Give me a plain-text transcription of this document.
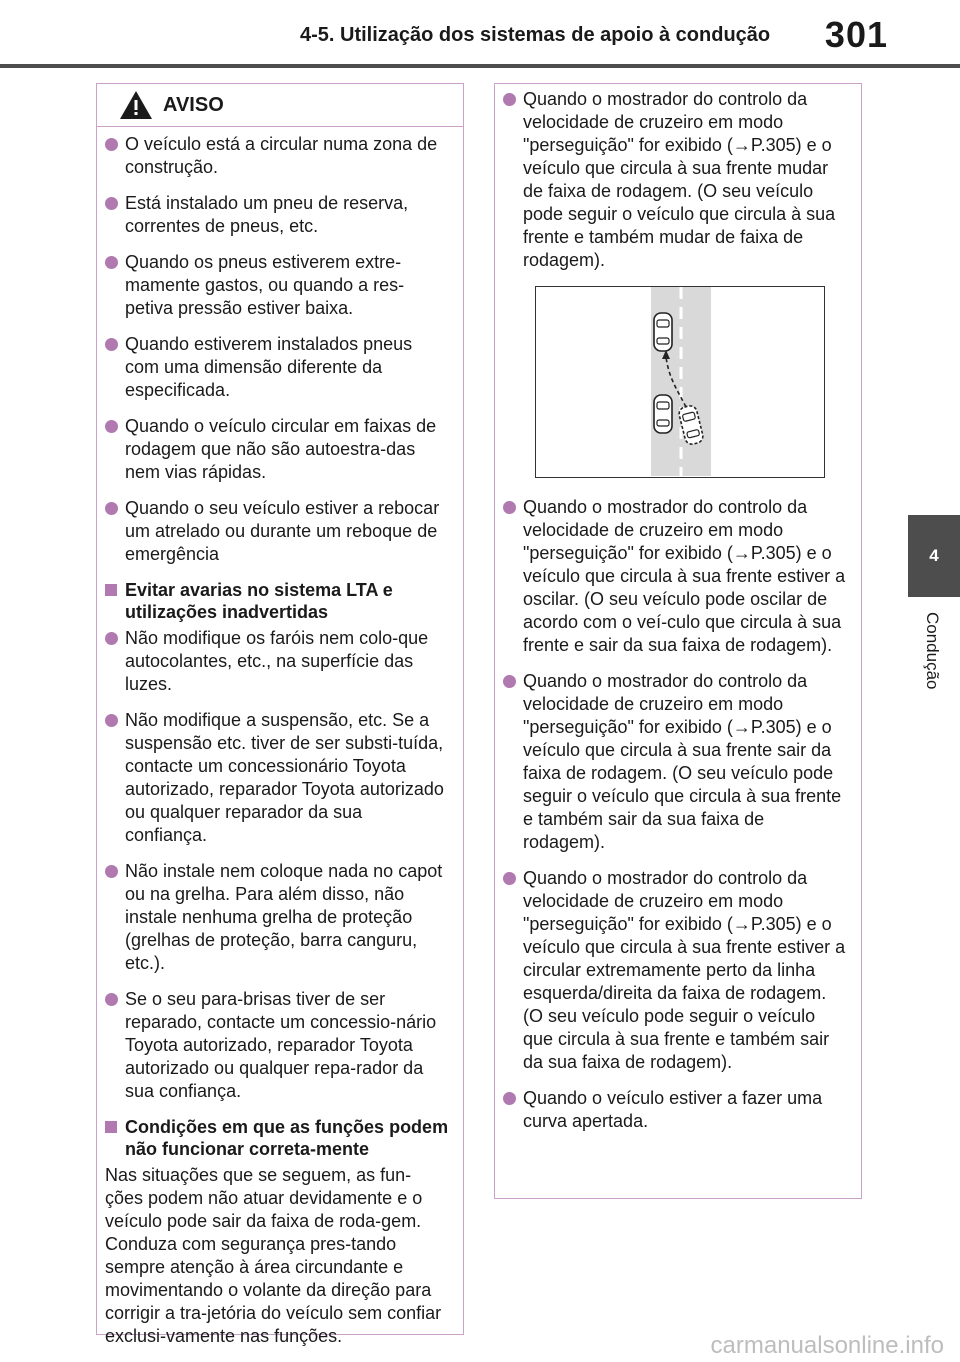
4-5. Utilização dos sistemas de apoio à condução 301
4
Condução
AVISO
O veículo está a circular numa zona de construção.
Está instalado um pneu de reserva, correntes de pneus, etc.
Quando os pneus estiverem extre-mamente gastos, ou quando a res-petiva pressão estiver baixa.
Quando estiverem instalados pneus com uma dimensão diferente da especificada.
Quando o veículo circular em faixas de rodagem que não são autoestra-das nem vias rápidas.
Quando o seu veículo estiver a rebocar um atrelado ou durante um reboque de emergência
Evitar avarias no sistema LTA e utilizações inadvertidas
Não modifique os faróis nem colo-que autocolantes, etc., na superfície das luzes.
Não modifique a suspensão, etc. Se a suspensão etc. tiver de ser substi-tuída, contacte um concessionário Toyota autorizado, reparador Toyota autorizado ou qualquer reparador da sua confiança.
Não instale nem coloque nada no capot ou na grelha. Para além disso, não instale nenhuma grelha de proteção (grelhas de proteção, barra canguru, etc.).
Se o seu para-brisas tiver de ser reparado, contacte um concessio-nário Toyota autorizado, reparador Toyota autorizado ou qualquer repa-rador da sua confiança.
Condições em que as funções podem não funcionar correta-mente
Nas situações que se seguem, as fun-ções podem não atuar devidamente e o veículo pode sair da faixa de roda-gem. Conduza com segurança pres-tando sempre atenção à área circundante e movimentando o volante da direção para corrigir a tra-jetória do veículo sem confiar exclusi-vamente nas funções.
Quando o mostrador do controlo da velocidade de cruzeiro em modo "perseguição" for exibido (→P.305) e o veículo que circula à sua frente mudar de faixa de rodagem. (O seu veículo pode seguir o veículo que circula à sua frente e também mudar de faixa de rodagem).
Quando o mostrador do controlo da velocidade de cruzeiro em modo "perseguição" for exibido (→P.305) e o veículo que circula à sua frente estiver a oscilar. (O seu veículo pode oscilar de acordo com o veí-culo que circula à sua frente e sair da sua faixa de rodagem).
Quando o mostrador do controlo da velocidade de cruzeiro em modo "perseguição" for exibido (→P.305) e o veículo que circula à sua frente sair da faixa de rodagem. (O seu veículo pode seguir o veículo que circula à sua frente e também sair da sua faixa de rodagem).
Quando o mostrador do controlo da velocidade de cruzeiro em modo "perseguição" for exibido (→P.305) e o veículo que circula à sua frente estiver a circular extremamente perto da linha esquerda/direita da faixa de rodagem. (O seu veículo pode seguir o veículo que circula à sua frente e também sair da sua faixa de rodagem).
Quando o veículo estiver a fazer uma curva apertada.
carmanualsonline.info
